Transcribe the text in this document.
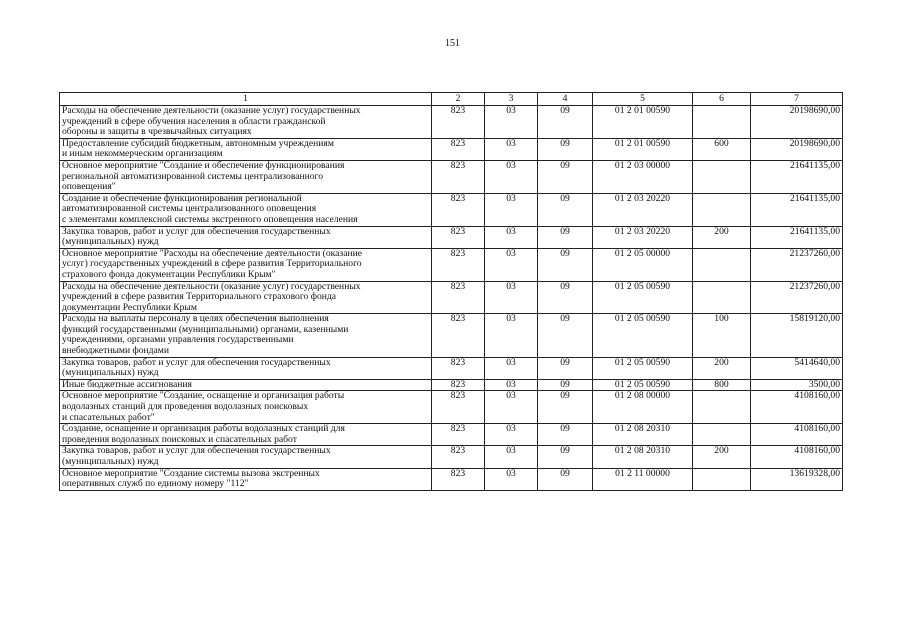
151
1	2	3	4	5	6	7
Расходы на обеспечение деятельности (оказание услуг) государственных
учреждений в сфере обучения населения в области гражданской
обороны и защиты в чрезвычайных ситуациях	823	03	09	01 2 01 00590		20198690,00
Предоставление субсидий бюджетным, автономным учреждениям
и иным некоммерческим организациям	823	03	09	01 2 01 00590	600	20198690,00
Основное мероприятие "Создание и обеспечение функционирования
региональной автоматизированной системы централизованного
оповещения"	823	03	09	01 2 03 00000		21641135,00
Создание и обеспечение функционирования региональной
автоматизированной системы централизованного оповещения
с элементами комплексной системы экстренного оповещения населения	823	03	09	01 2 03 20220		21641135,00
Закупка товаров, работ и услуг для обеспечения государственных
(муниципальных) нужд	823	03	09	01 2 03 20220	200	21641135,00
Основное мероприятие "Расходы на обеспечение деятельности (оказание
услуг) государственных учреждений в сфере развития Территориального
страхового фонда документации Республики Крым"	823	03	09	01 2 05 00000		21237260,00
Расходы на обеспечение деятельности (оказание услуг) государственных
учреждений в сфере развития Территориального страхового фонда
документации Республики Крым	823	03	09	01 2 05 00590		21237260,00
Расходы на выплаты персоналу в целях обеспечения выполнения
функций государственными (муниципальными) органами, казенными
учреждениями, органами управления государственными
внебюджетными фондами	823	03	09	01 2 05 00590	100	15819120,00
Закупка товаров, работ и услуг для обеспечения государственных
(муниципальных) нужд	823	03	09	01 2 05 00590	200	5414640,00
Иные бюджетные ассигнования	823	03	09	01 2 05 00590	800	3500,00
Основное мероприятие "Создание, оснащение и организация работы
водолазных станций для проведения водолазных поисковых
и спасательных работ"	823	03	09	01 2 08 00000		4108160,00
Создание, оснащение и организация работы водолазных станций для
проведения водолазных поисковых и спасательных работ	823	03	09	01 2 08 20310		4108160,00
Закупка товаров, работ и услуг для обеспечения государственных
(муниципальных) нужд	823	03	09	01 2 08 20310	200	4108160,00
Основное мероприятие "Создание системы вызова экстренных
оперативных служб по единому номеру "112"	823	03	09	01 2 11 00000		13619328,00
